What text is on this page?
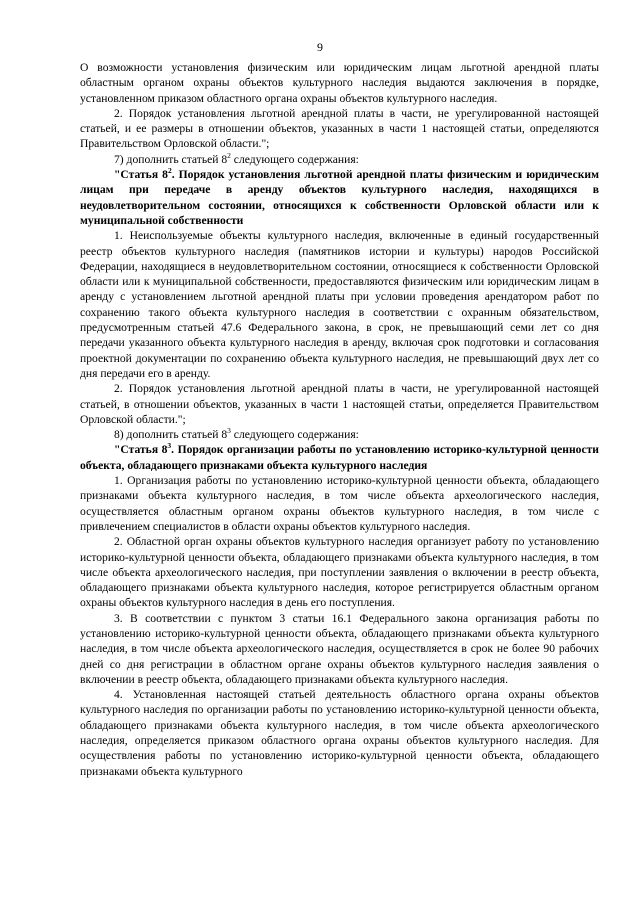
9

О возможности установления физическим или юридическим лицам льготной арендной платы областным органом охраны объектов культурного наследия выдаются заключения в порядке, установленном приказом областного органа охраны объектов культурного наследия.

2. Порядок установления льготной арендной платы в части, не урегулированной настоящей статьей, и ее размеры в отношении объектов, указанных в части 1 настоящей статьи, определяются Правительством Орловской области.";

7) дополнить статьей $8^2$ следующего содержания:

"Статья $8^2$. Порядок установления льготной арендной платы физическим и юридическим лицам при передаче в аренду объектов культурного наследия, находящихся в неудовлетворительном состоянии, относящихся к собственности Орловской области или к муниципальной собственности

1. Неиспользуемые объекты культурного наследия, включенные в единый государственный реестр объектов культурного наследия (памятников истории и культуры) народов Российской Федерации, находящиеся в неудовлетворительном состоянии, относящиеся к собственности Орловской области или к муниципальной собственности, предоставляются физическим или юридическим лицам в аренду с установлением льготной арендной платы при условии проведения арендатором работ по сохранению такого объекта культурного наследия в соответствии с охранным обязательством, предусмотренным статьей 47.6 Федерального закона, в срок, не превышающий семи лет со дня передачи указанного объекта культурного наследия в аренду, включая срок подготовки и согласования проектной документации по сохранению объекта культурного наследия, не превышающий двух лет со дня передачи его в аренду.

2. Порядок установления льготной арендной платы в части, не урегулированной настоящей статьей, в отношении объектов, указанных в части 1 настоящей статьи, определяется Правительством Орловской области.";

8) дополнить статьей $8^3$ следующего содержания:

"Статья $8^3$. Порядок организации работы по установлению историко-культурной ценности объекта, обладающего признаками объекта культурного наследия

1. Организация работы по установлению историко-культурной ценности объекта, обладающего признаками объекта культурного наследия, в том числе объекта археологического наследия, осуществляется областным органом охраны объектов культурного наследия, в том числе с привлечением специалистов в области охраны объектов культурного наследия.

2. Областной орган охраны объектов культурного наследия организует работу по установлению историко-культурной ценности объекта, обладающего признаками объекта культурного наследия, в том числе объекта археологического наследия, при поступлении заявления о включении в реестр объекта, обладающего признаками объекта культурного наследия, которое регистрируется областным органом охраны объектов культурного наследия в день его поступления.

3. В соответствии с пунктом 3 статьи 16.1 Федерального закона организация работы по установлению историко-культурной ценности объекта, обладающего признаками объекта культурного наследия, в том числе объекта археологического наследия, осуществляется в срок не более 90 рабочих дней со дня регистрации в областном органе охраны объектов культурного наследия заявления о включении в реестр объекта, обладающего признаками объекта культурного наследия.

4. Установленная настоящей статьей деятельность областного органа охраны объектов культурного наследия по организации работы по установлению историко-культурной ценности объекта, обладающего признаками объекта культурного наследия, в том числе объекта археологического наследия, определяется приказом областного органа охраны объектов культурного наследия. Для осуществления работы по установлению историко-культурной ценности объекта, обладающего признаками объекта культурного
